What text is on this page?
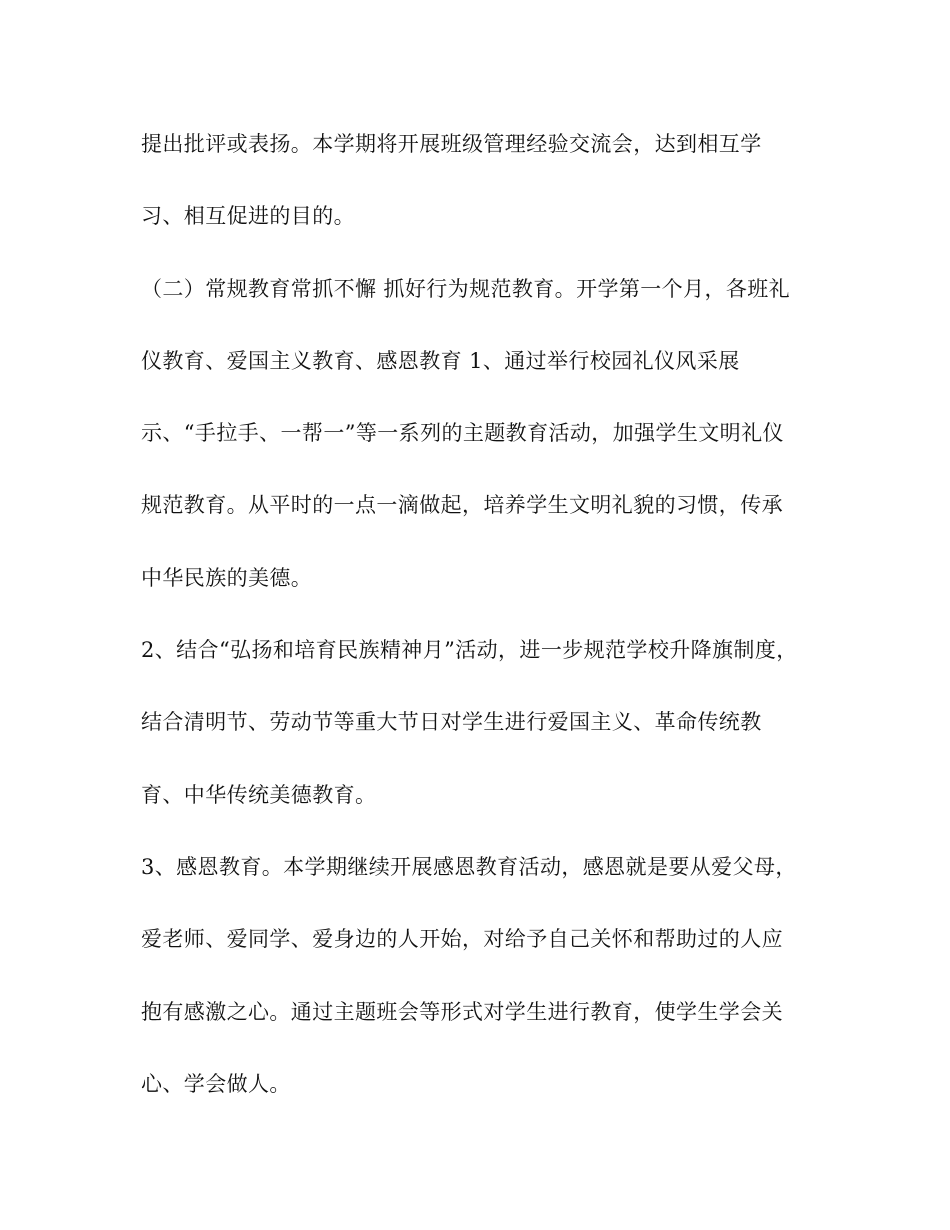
提出批评或表扬。本学期将开展班级管理经验交流会，达到相互学
习、相互促进的目的。
（二）常规教育常抓不懈 抓好行为规范教育。开学第一个月，各班礼
仪教育、爱国主义教育、感恩教育 1、通过举行校园礼仪风采展
示、“手拉手、一帮一”等一系列的主题教育活动，加强学生文明礼仪
规范教育。从平时的一点一滴做起，培养学生文明礼貌的习惯，传承
中华民族的美德。
2、结合“弘扬和培育民族精神月”活动，进一步规范学校升降旗制度，
结合清明节、劳动节等重大节日对学生进行爱国主义、革命传统教
育、中华传统美德教育。
3、感恩教育。本学期继续开展感恩教育活动，感恩就是要从爱父母，
爱老师、爱同学、爱身边的人开始，对给予自己关怀和帮助过的人应
抱有感激之心。通过主题班会等形式对学生进行教育，使学生学会关
心、学会做人。
